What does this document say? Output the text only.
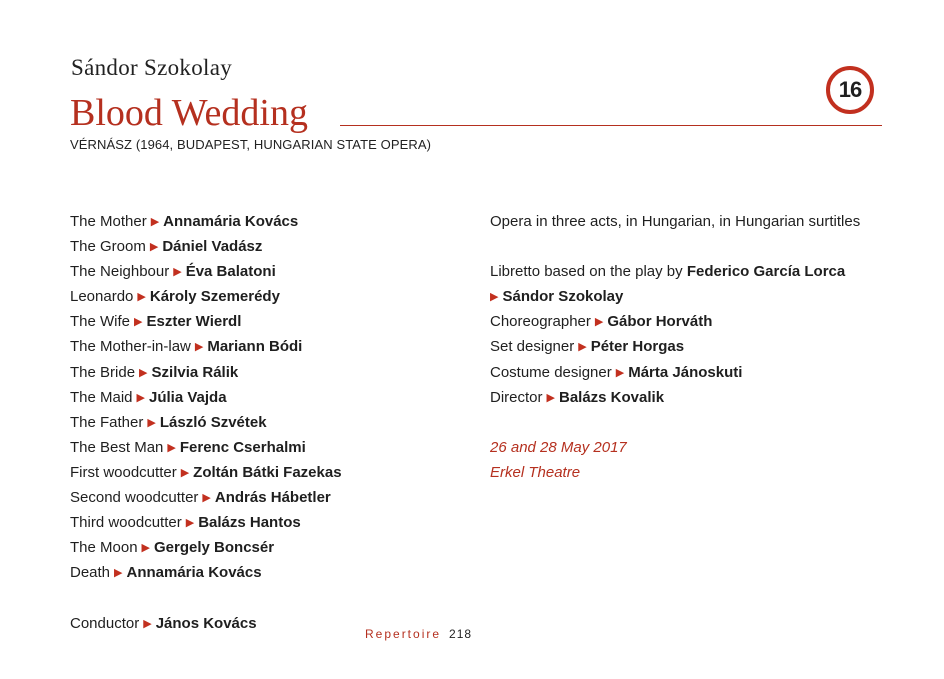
Sándor Szokolay
Blood Wedding
16
VÉRNÁSZ (1964, BUDAPEST, HUNGARIAN STATE OPERA)
The Mother ▶ Annamária Kovács
The Groom ▶ Dániel Vadász
The Neighbour ▶ Éva Balatoni
Leonardo ▶ Károly Szemerédy
The Wife ▶ Eszter Wierdl
The Mother-in-law ▶ Mariann Bódi
The Bride ▶ Szilvia Rálik
The Maid ▶ Júlia Vajda
The Father ▶ László Szvétek
The Best Man ▶ Ferenc Cserhalmi
First woodcutter ▶ Zoltán Bátki Fazekas
Second woodcutter ▶ András Hábetler
Third woodcutter ▶ Balázs Hantos
The Moon ▶ Gergely Boncsér
Death ▶ Annamária Kovács
Conductor ▶ János Kovács
Opera in three acts, in Hungarian, in Hungarian surtitles
Libretto based on the play by Federico García Lorca
▶ Sándor Szokolay
Choreographer ▶ Gábor Horváth
Set designer ▶ Péter Horgas
Costume designer ▶ Márta Jánoskuti
Director ▶ Balázs Kovalik
26 and 28 May 2017
Erkel Theatre
Repertoire 218
